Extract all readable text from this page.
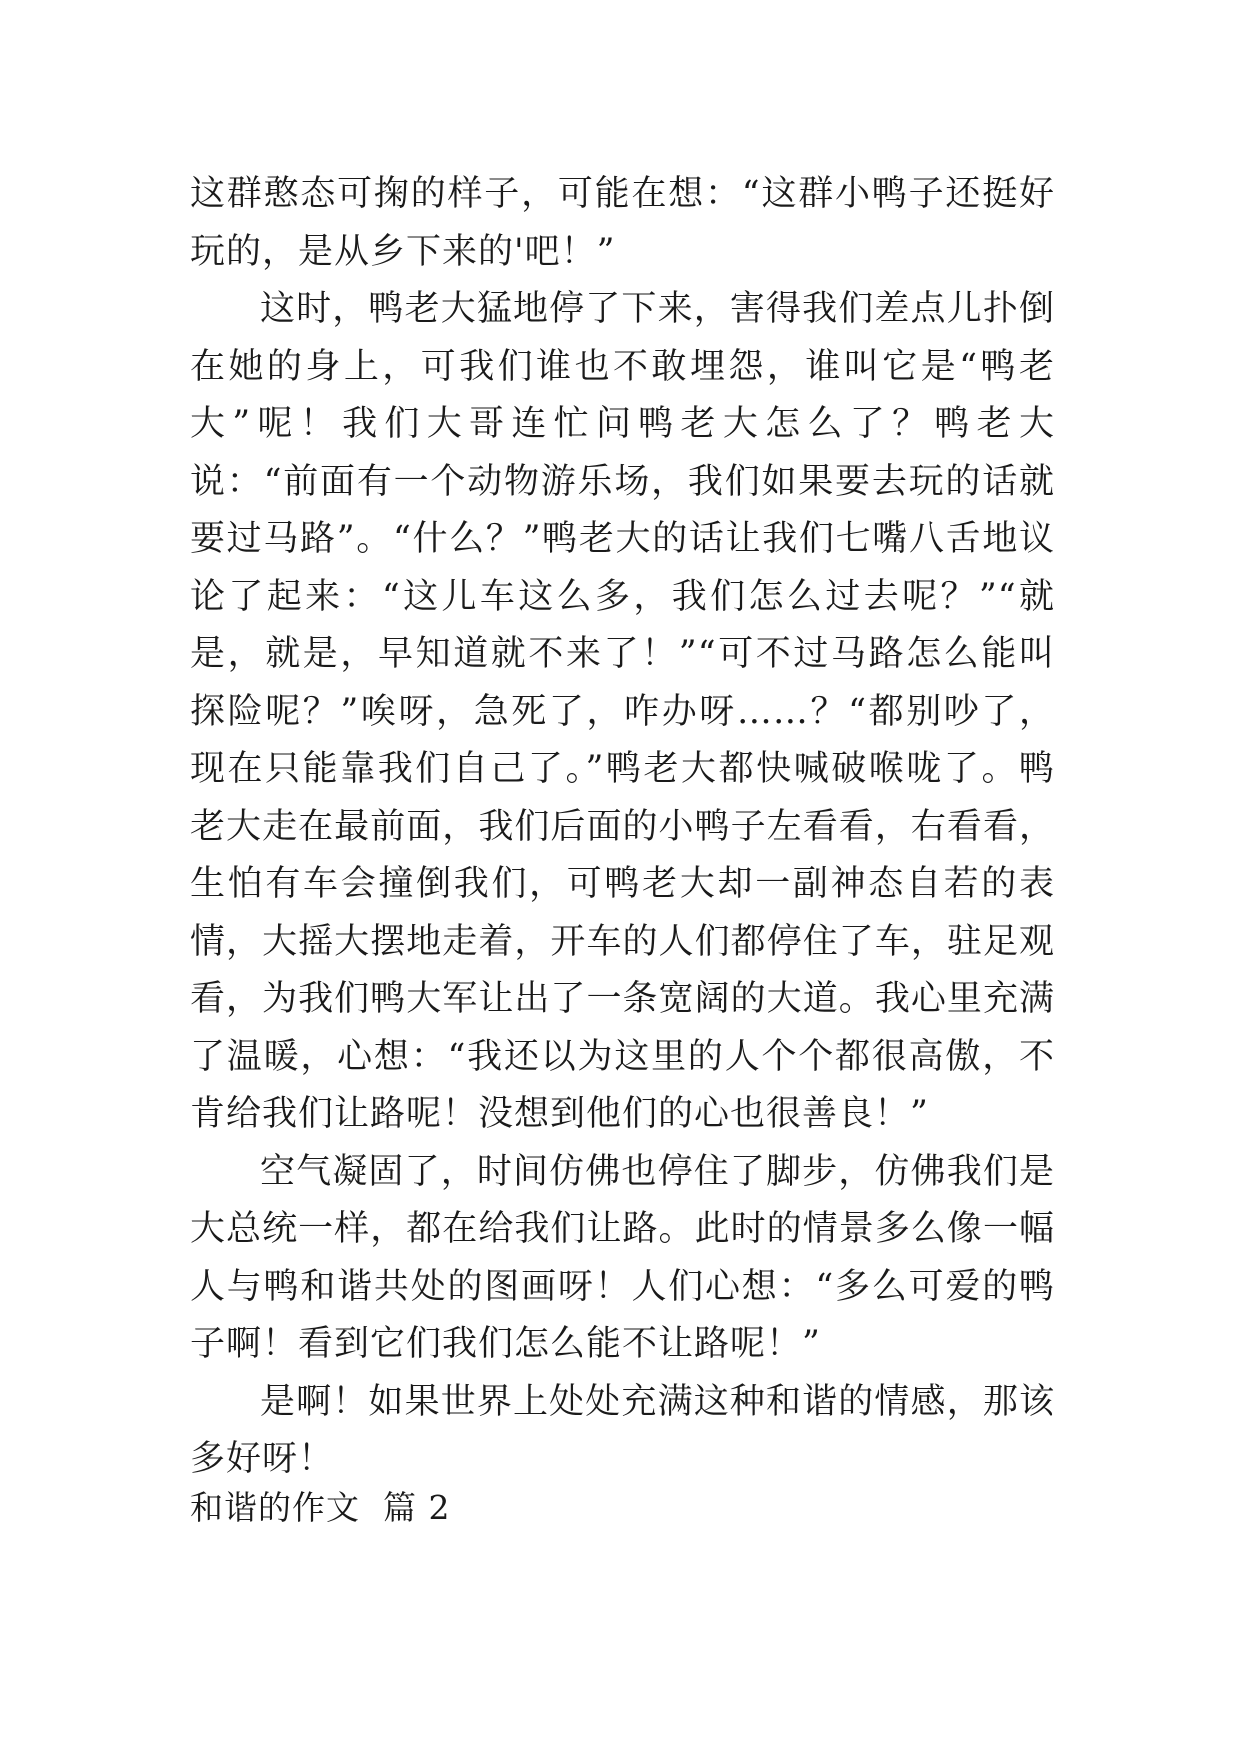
这群憨态可掬的样子，可能在想：“这群小鸭子还挺好玩的，是从乡下来的'吧！”

这时，鸭老大猛地停了下来，害得我们差点儿扑倒在她的身上，可我们谁也不敢埋怨，谁叫它是“鸭老大”呢！我们大哥连忙问鸭老大怎么了？鸭老大说：“前面有一个动物游乐场，我们如果要去玩的话就要过马路”。“什么？”鸭老大的话让我们七嘴八舌地议论了起来：“这儿车这么多，我们怎么过去呢？”“就是，就是，早知道就不来了！”“可不过马路怎么能叫探险呢？”唉呀，急死了，咋办呀……？“都别吵了，现在只能靠我们自己了。”鸭老大都快喊破喉咙了。鸭老大走在最前面，我们后面的小鸭子左看看，右看看，生怕有车会撞倒我们，可鸭老大却一副神态自若的表情，大摇大摆地走着，开车的人们都停住了车，驻足观看，为我们鸭大军让出了一条宽阔的大道。我心里充满了温暖，心想：“我还以为这里的人个个都很高傲，不肯给我们让路呢！没想到他们的心也很善良！”

空气凝固了，时间仿佛也停住了脚步，仿佛我们是大总统一样，都在给我们让路。此时的情景多么像一幅人与鸭和谐共处的图画呀！人们心想：“多么可爱的鸭子啊！看到它们我们怎么能不让路呢！”

是啊！如果世界上处处充满这种和谐的情感，那该多好呀！

和谐的作文  篇 2
